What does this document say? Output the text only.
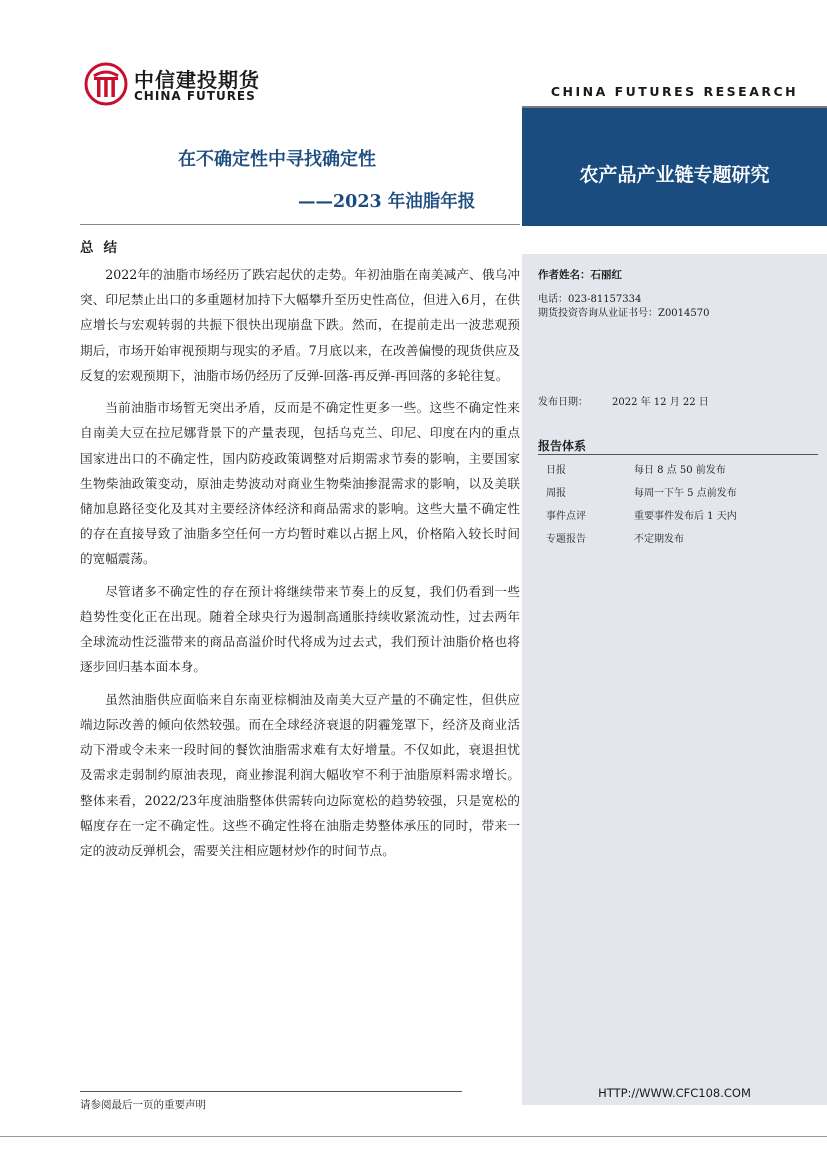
中信建投期货
CHINA FUTURES	CHINA FUTURES RESEARCH
农产品产业链专题研究
作者姓名：石丽红
电话：023-81157334
期货投资咨询从业证书号：Z0014570
发布日期： 2022 年 12 月 22 日
报告体系
日报	每日 8 点 50 前发布
周报	每周一下午 5 点前发布
事件点评	重要事件发布后 1 天内
专题报告	不定期发布
HTTP://WWW.CFC108.COM
在不确定性中寻找确定性
——2023 年油脂年报
总结

2022年的油脂市场经历了跌宕起伏的走势。年初油脂在南美减产、俄乌冲突、印尼禁止出口的多重题材加持下大幅攀升至历史性高位，但进入6月，在供应增长与宏观转弱的共振下很快出现崩盘下跌。然而，在提前走出一波悲观预期后，市场开始审视预期与现实的矛盾。7月底以来，在改善偏慢的现货供应及反复的宏观预期下，油脂市场仍经历了反弹-回落-再反弹-再回落的多轮往复。

当前油脂市场暂无突出矛盾，反而是不确定性更多一些。这些不确定性来自南美大豆在拉尼娜背景下的产量表现，包括乌克兰、印尼、印度在内的重点国家进出口的不确定性，国内防疫政策调整对后期需求节奏的影响，主要国家生物柴油政策变动，原油走势波动对商业生物柴油掺混需求的影响，以及美联储加息路径变化及其对主要经济体经济和商品需求的影响。这些大量不确定性的存在直接导致了油脂多空任何一方均暂时难以占据上风，价格陷入较长时间的宽幅震荡。

尽管诸多不确定性的存在预计将继续带来节奏上的反复，我们仍看到一些趋势性变化正在出现。随着全球央行为遏制高通胀持续收紧流动性，过去两年全球流动性泛滥带来的商品高溢价时代将成为过去式，我们预计油脂价格也将逐步回归基本面本身。

虽然油脂供应面临来自东南亚棕榈油及南美大豆产量的不确定性，但供应端边际改善的倾向依然较强。而在全球经济衰退的阴霾笼罩下，经济及商业活动下滑或令未来一段时间的餐饮油脂需求难有太好增量。不仅如此，衰退担忧及需求走弱制约原油表现，商业掺混利润大幅收窄不利于油脂原料需求增长。整体来看，2022/23年度油脂整体供需转向边际宽松的趋势较强，只是宽松的幅度存在一定不确定性。这些不确定性将在油脂走势整体承压的同时，带来一定的波动反弹机会，需要关注相应题材炒作的时间节点。

请参阅最后一页的重要声明
